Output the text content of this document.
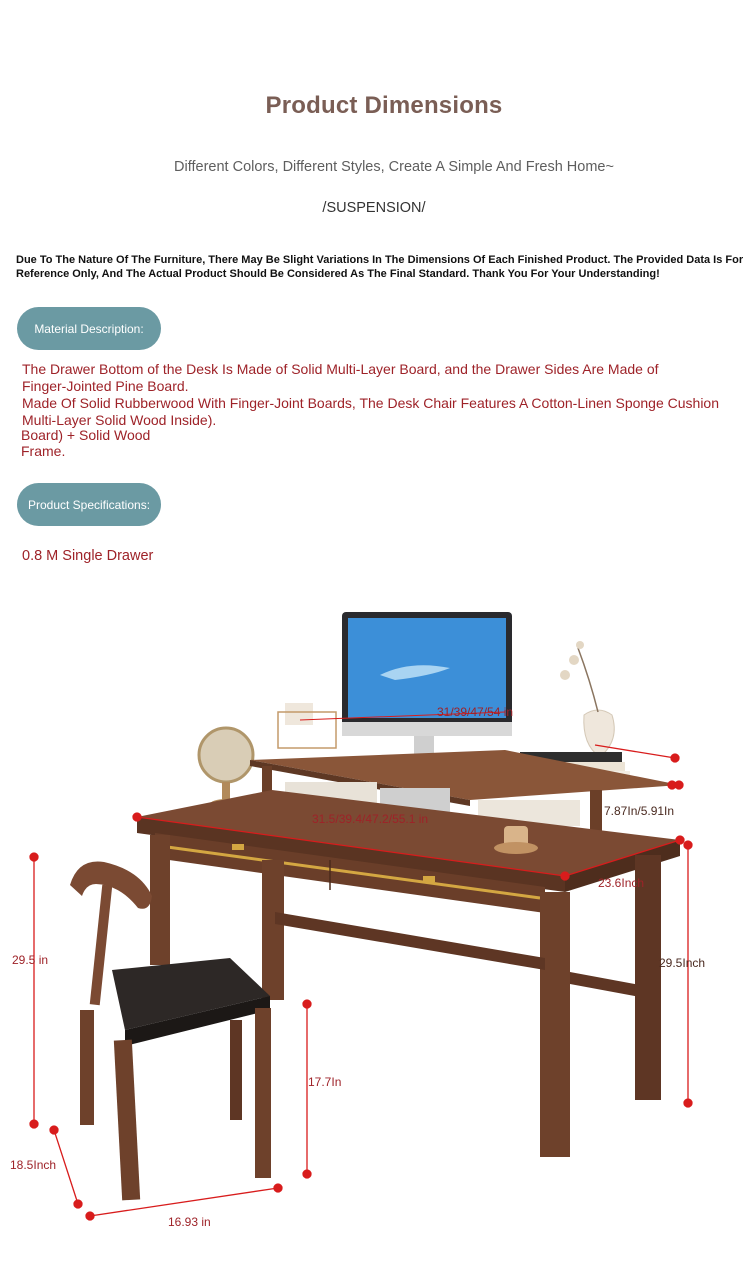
Product Dimensions
Different Colors, Different Styles, Create A Simple And Fresh Home~
/SUSPENSION/
Due To The Nature Of The Furniture, There May Be Slight Variations In The Dimensions Of Each Finished Product. The Provided Data Is For Reference Only, And The Actual Product Should Be Considered As The Final Standard. Thank You For Your Understanding!
Material Description:
The Drawer Bottom of the Desk Is Made of Solid Multi-Layer Board, and the Drawer Sides Are Made of
Finger-Jointed Pine Board.
Made Of Solid Rubberwood With Finger-Joint Boards, The Desk Chair Features A Cotton-Linen Sponge Cushion
Multi-Layer Solid Wood Inside).
Board) + Solid Wood
Frame.
Product Specifications:
0.8 M Single Drawer
31/39/47/54 in
31.5/39.4/47.2/55.1 in
7.87In/5.91In
23.6Inch
29.5Inch
29.5 in
17.7In
18.5Inch
16.93 in
